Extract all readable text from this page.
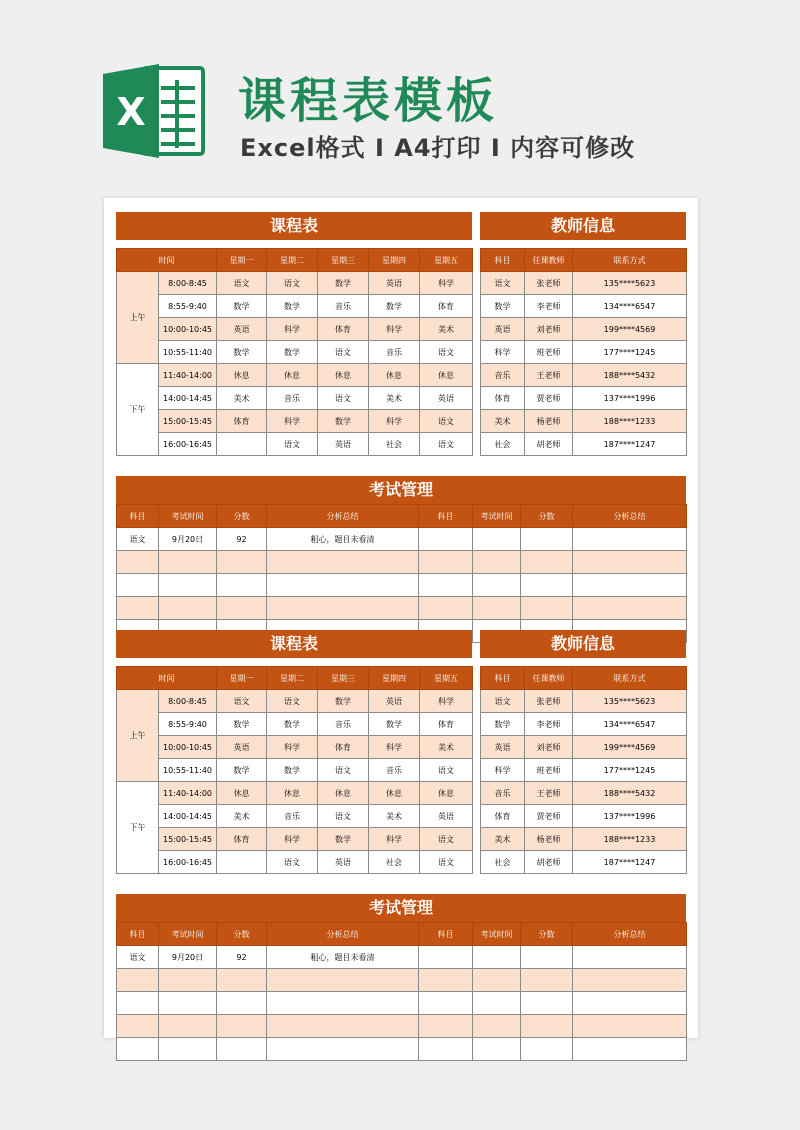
X 课程表模板
Excel格式 I A4打印 I 内容可修改
课程表	教师信息
考试管理
时间		星期一	星期二	星期三	星期四	星期五
上午	8:00-8:45	语文	语文	数学	英语	科学
	8:55-9:40	数学	数学	音乐	数学	体育
	10:00-10:45	英语	科学	体育	科学	美术
	10:55-11:40	数学	数学	语文	音乐	语文
下午	11:40-14:00	休息	休息	休息	休息	休息
	14:00-14:45	美术	音乐	语文	美术	英语
	15:00-15:45	体育	科学	数学	科学	语文
	16:00-16:45		语文	英语	社会	语文
科目	任课教师	联系方式
语文	张老师	135****5623
数学	李老师	134****6547
英语	刘老师	199****4569
科学	班老师	177****1245
音乐	王老师	188****5432
体育	贾老师	137****1996
美术	杨老师	188****1233
社会	胡老师	187****1247
科目	考试时间	分数	分析总结	科目	考试时间	分数	分析总结
语文	9月20日	92	粗心，题目未看清				

课程表	教师信息
考试管理
时间		星期一	星期二	星期三	星期四	星期五
上午	8:00-8:45	语文	语文	数学	英语	科学
	8:55-9:40	数学	数学	音乐	数学	体育
	10:00-10:45	英语	科学	体育	科学	美术
	10:55-11:40	数学	数学	语文	音乐	语文
下午	11:40-14:00	休息	休息	休息	休息	休息
	14:00-14:45	美术	音乐	语文	美术	英语
	15:00-15:45	体育	科学	数学	科学	语文
	16:00-16:45		语文	英语	社会	语文
科目	任课教师	联系方式
语文	张老师	135****5623
数学	李老师	134****6547
英语	刘老师	199****4569
科学	班老师	177****1245
音乐	王老师	188****5432
体育	贾老师	137****1996
美术	杨老师	188****1233
社会	胡老师	187****1247
科目	考试时间	分数	分析总结	科目	考试时间	分数	分析总结
语文	9月20日	92	粗心，题目未看清				
